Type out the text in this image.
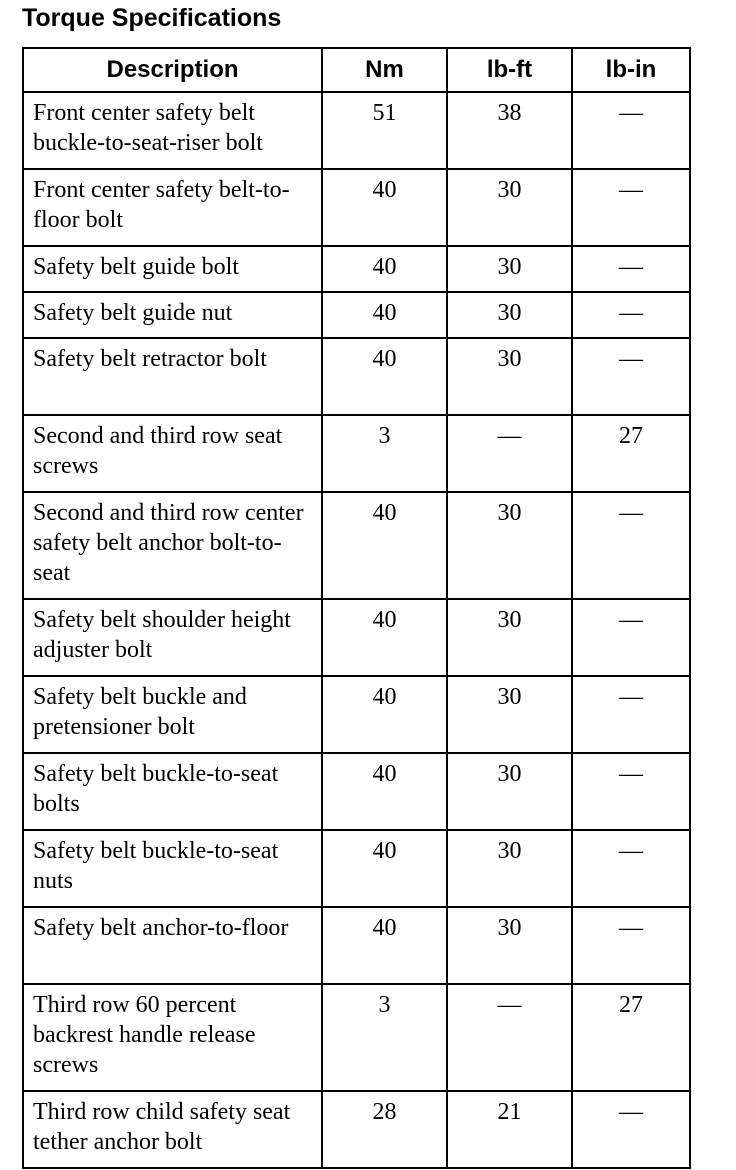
Torque Specifications
Description	Nm	lb-ft	lb-in
Front center safety belt buckle-to-seat-riser bolt	51	38	—
Front center safety belt-to-floor bolt	40	30	—
Safety belt guide bolt	40	30	—
Safety belt guide nut	40	30	—
Safety belt retractor bolt	40	30	—
Second and third row seat screws	3	—	27
Second and third row center safety belt anchor bolt-to-seat	40	30	—
Safety belt shoulder height adjuster bolt	40	30	—
Safety belt buckle and pretensioner bolt	40	30	—
Safety belt buckle-to-seat bolts	40	30	—
Safety belt buckle-to-seat nuts	40	30	—
Safety belt anchor-to-floor	40	30	—
Third row 60 percent backrest handle release screws	3	—	27
Third row child safety seat tether anchor bolt	28	21	—
